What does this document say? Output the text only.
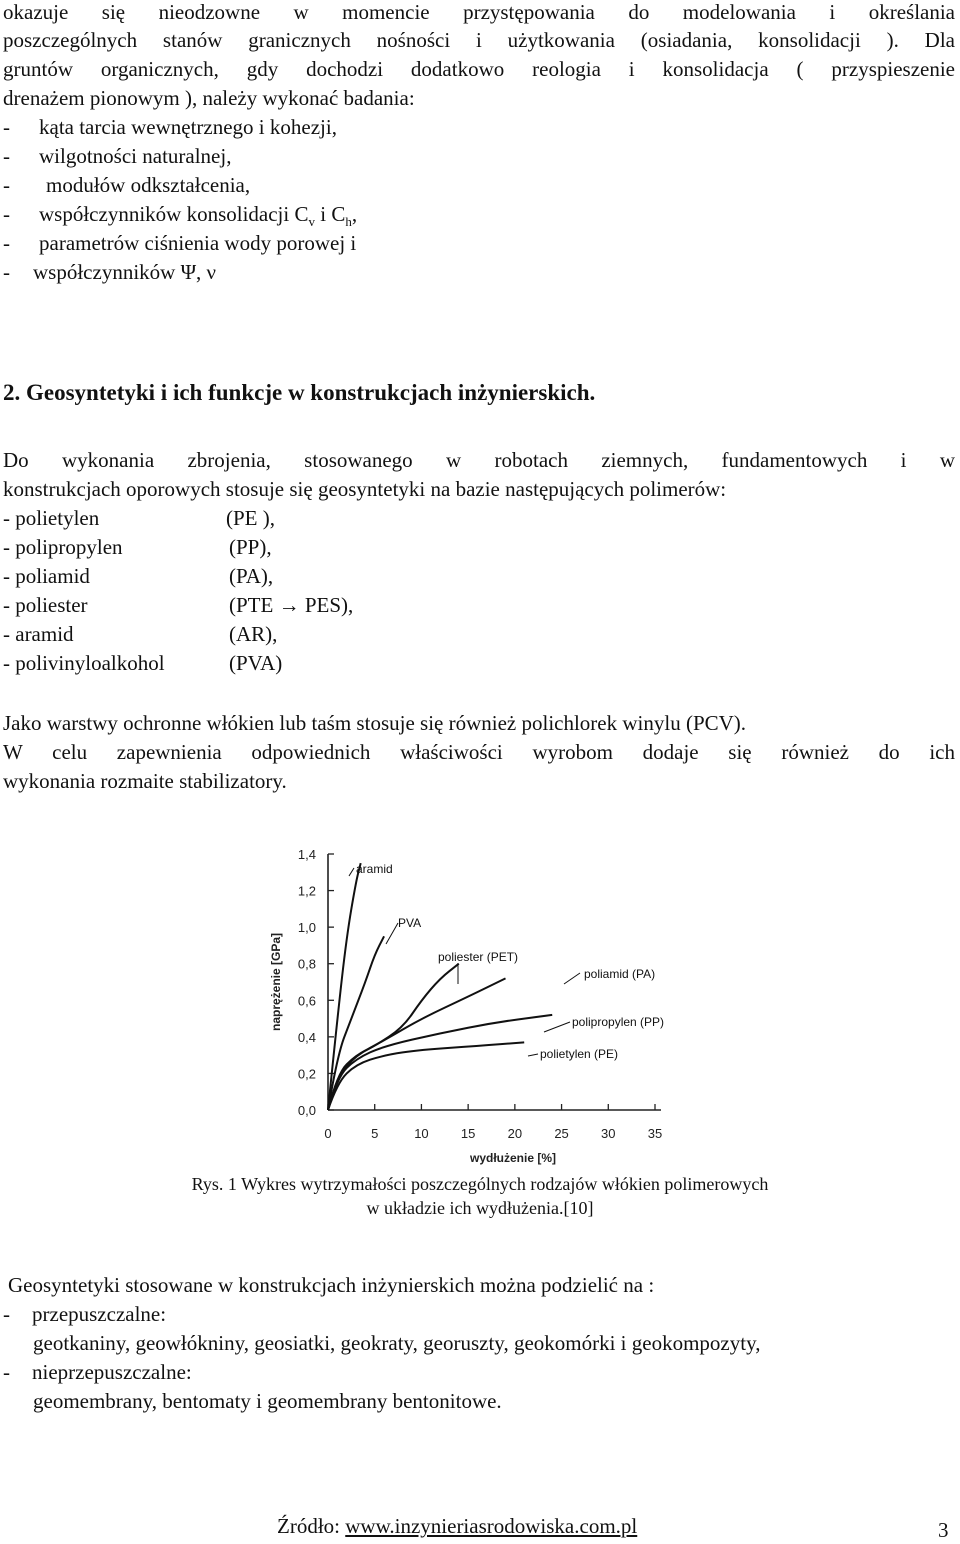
okazuje się nieodzowne w momencie przystępowania do modelowania i określania
poszczególnych stanów granicznych nośności i użytkowania (osiadania, konsolidacji ). Dla
gruntów organicznych, gdy dochodzi dodatkowo reologia i konsolidacja ( przyspieszenie
drenażem pionowym ), należy wykonać badania:
- kąta tarcia wewnętrznego i kohezji,
- wilgotności naturalnej,
- modułów odkształcenia,
- współczynników konsolidacji $C_v$ i $C_h$,
- parametrów ciśnienia wody porowej i
- współczynników Ψ, ν
2. Geosyntetyki i ich funkcje w konstrukcjach inżynierskich.
Do wykonania zbrojenia, stosowanego w robotach ziemnych, fundamentowych i w
konstrukcjach oporowych stosuje się geosyntetyki na bazie następujących polimerów:
- polietylen	(PE ),
- polipropylen	(PP),
- poliamid	(PA),
- poliester	(PTE → PES),
- aramid	(AR),
- polivinyloalkohol	(PVA)
Jako warstwy ochronne włókien lub taśm stosuje się również polichlorek winylu (PCV).
W celu zapewnienia odpowiednich właściwości wyrobom dodaje się również do ich
wykonania rozmaite stabilizatory.
0,0
0,2
0,4
0,6
0,8
1,0
1,2
1,4
0	5	10 15 20 25 30 35
wydłużenie [%]
naprężenie [GPa]
aramid
PVA
poliester (PET)
poliamid (PA)
polipropylen (PP)
polietylen (PE)
Rys. 1 Wykres wytrzymałości poszczególnych rodzajów włókien polimerowych
w układzie ich wydłużenia.[10]
Geosyntetyki stosowane w konstrukcjach inżynierskich można podzielić na :
- przepuszczalne:
geotkaniny, geowłókniny, geosiatki, geokraty, georuszty, geokomórki i geokompozyty,
- nieprzepuszczalne:
geomembrany, bentomaty i geomembrany bentonitowe.
Źródło: www.inzynieriasrodowiska.com.pl	3
